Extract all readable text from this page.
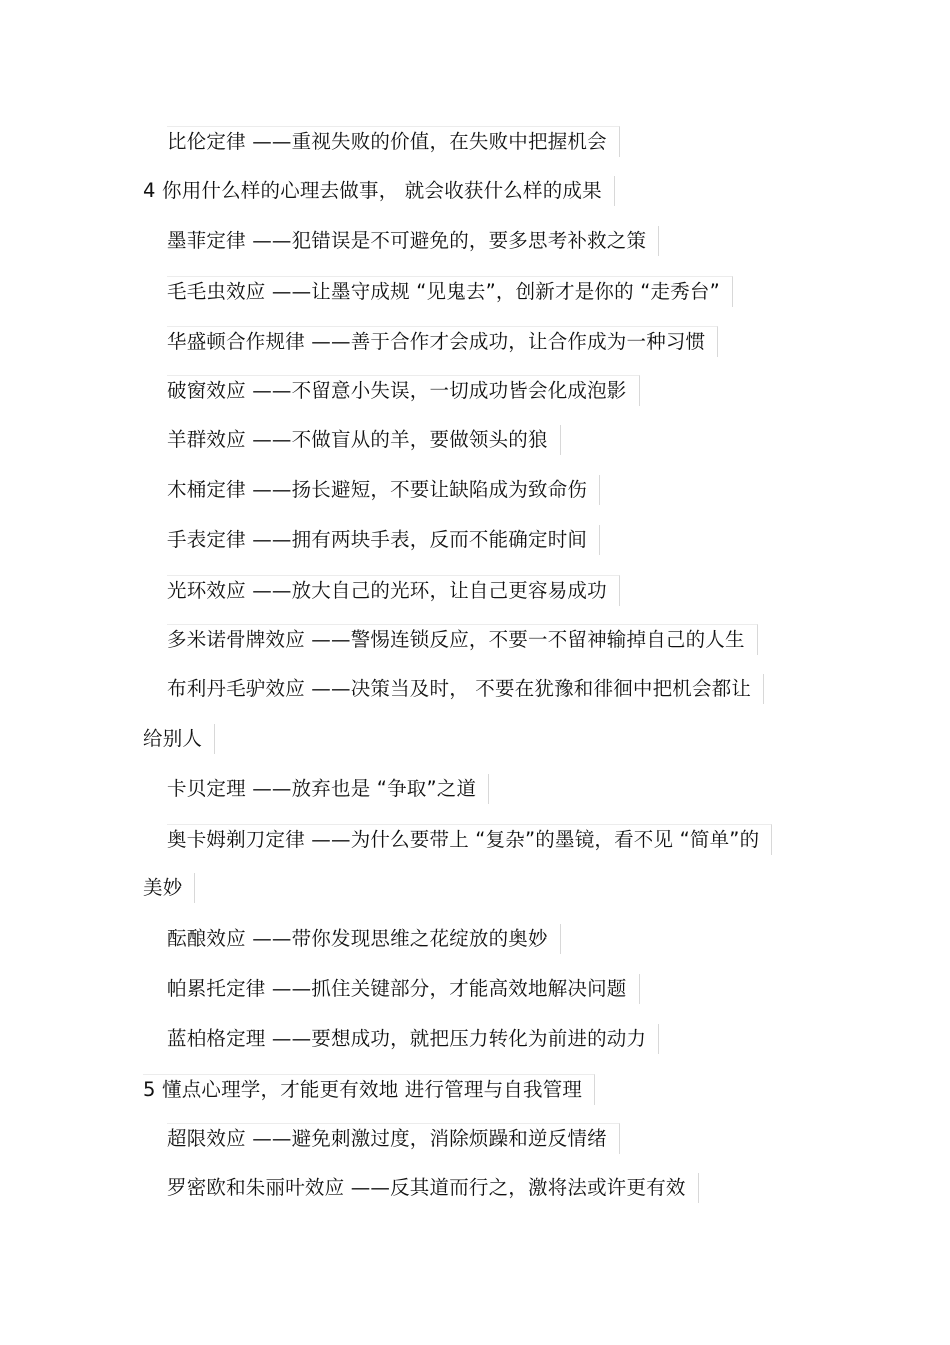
比伦定律 ——重视失败的价值，在失败中把握机会
4 你用什么样的心理去做事， 就会收获什么样的成果
墨菲定律 ——犯错误是不可避免的，要多思考补救之策
毛毛虫效应 ——让墨守成规 “见鬼去”，创新才是你的 “走秀台”
华盛顿合作规律 ——善于合作才会成功，让合作成为一种习惯
破窗效应 ——不留意小失误，一切成功皆会化成泡影
羊群效应 ——不做盲从的羊，要做领头的狼
木桶定律 ——扬长避短，不要让缺陷成为致命伤
手表定律 ——拥有两块手表，反而不能确定时间
光环效应 ——放大自己的光环，让自己更容易成功
多米诺骨牌效应 ——警惕连锁反应，不要一不留神输掉自己的人生
布利丹毛驴效应 ——决策当及时， 不要在犹豫和徘徊中把机会都让
给别人
卡贝定理 ——放弃也是 “争取”之道
奥卡姆剃刀定律 ——为什么要带上 “复杂”的墨镜，看不见 “简单”的
美妙
酝酿效应 ——带你发现思维之花绽放的奥妙
帕累托定律 ——抓住关键部分，才能高效地解决问题
蓝柏格定理 ——要想成功，就把压力转化为前进的动力
5 懂点心理学，才能更有效地 进行管理与自我管理
超限效应 ——避免刺激过度，消除烦躁和逆反情绪
罗密欧和朱丽叶效应 ——反其道而行之，激将法或许更有效
